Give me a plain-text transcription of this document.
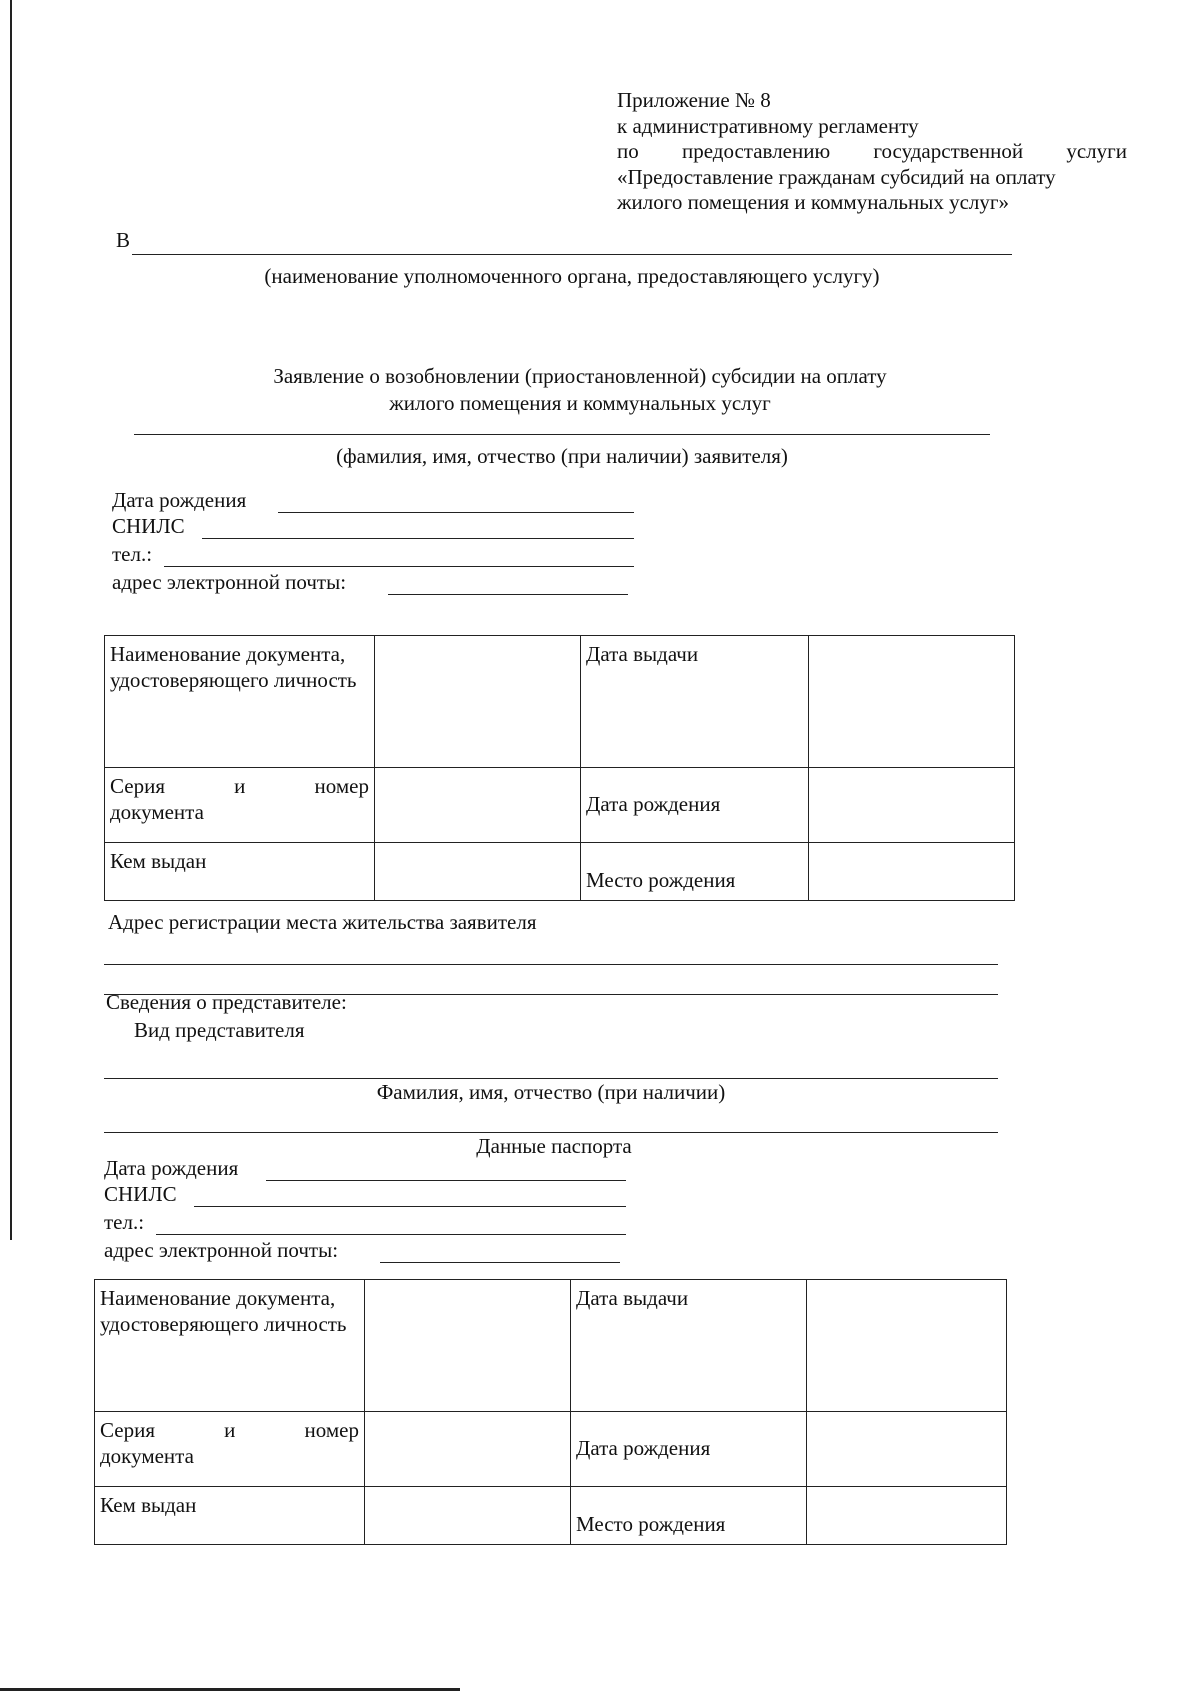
Приложение № 8
к административному регламенту
по предоставлению государственной услуги
«Предоставление гражданам субсидий на оплату
жилого помещения и коммунальных услуг»
В
(наименование уполномоченного органа, предоставляющего услугу)
Заявление о возобновлении (приостановленной) субсидии на оплату
жилого помещения и коммунальных услуг
(фамилия, имя, отчество (при наличии) заявителя)
Дата рождения
СНИЛС
тел.:
адрес электронной почты:
Наименование документа, удостоверяющего личность		Дата выдачи	

Серия и номер
документа		Дата рождения	
Кем выдан		Место рождения	
Адрес регистрации места жительства заявителя
Сведения о представителе:
Вид представителя
Фамилия, имя, отчество (при наличии)
Данные паспорта
Дата рождения
СНИЛС
тел.:
адрес электронной почты:
Наименование документа, удостоверяющего личность		Дата выдачи	

Серия и номер
документа		Дата рождения	
Кем выдан		Место рождения	
